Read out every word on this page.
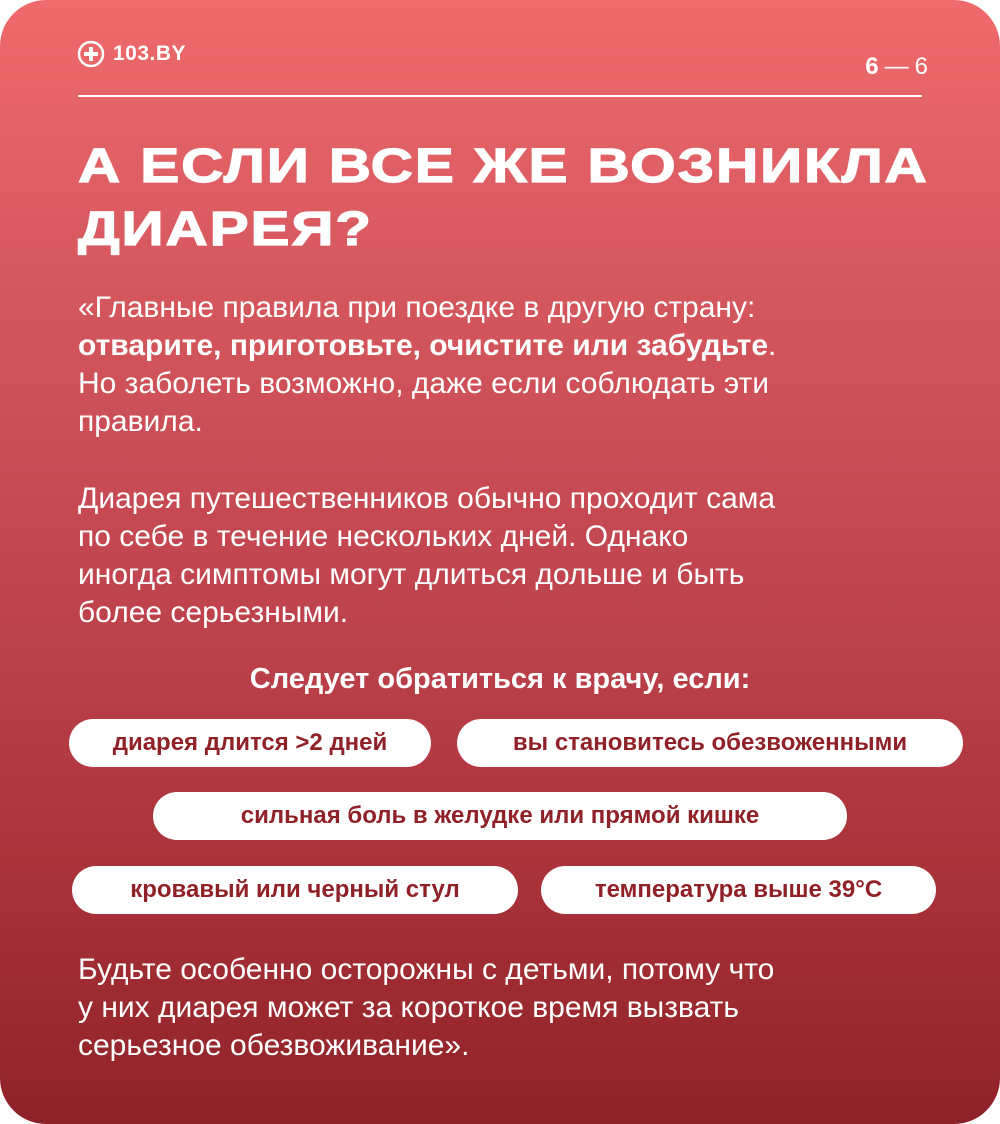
103.BY	6 — 6
А ЕСЛИ ВСЕ ЖЕ ВОЗНИКЛА
ДИАРЕЯ?

«Главные правила при поездке в другую страну:
отварите, приготовьте, очистите или забудьте.
Но заболеть возможно, даже если соблюдать эти
правила.

Диарея путешественников обычно проходит сама
по себе в течение нескольких дней. Однако
иногда симптомы могут длиться дольше и быть
более серьезными.

Следует обратиться к врачу, если:
диарея длится >2 дней	вы становитесь обезвоженными
сильная боль в желудке или прямой кишке
кровавый или черный стул	температура выше 39°C

Будьте особенно осторожны с детьми, потому что
у них диарея может за короткое время вызвать
серьезное обезвоживание».
